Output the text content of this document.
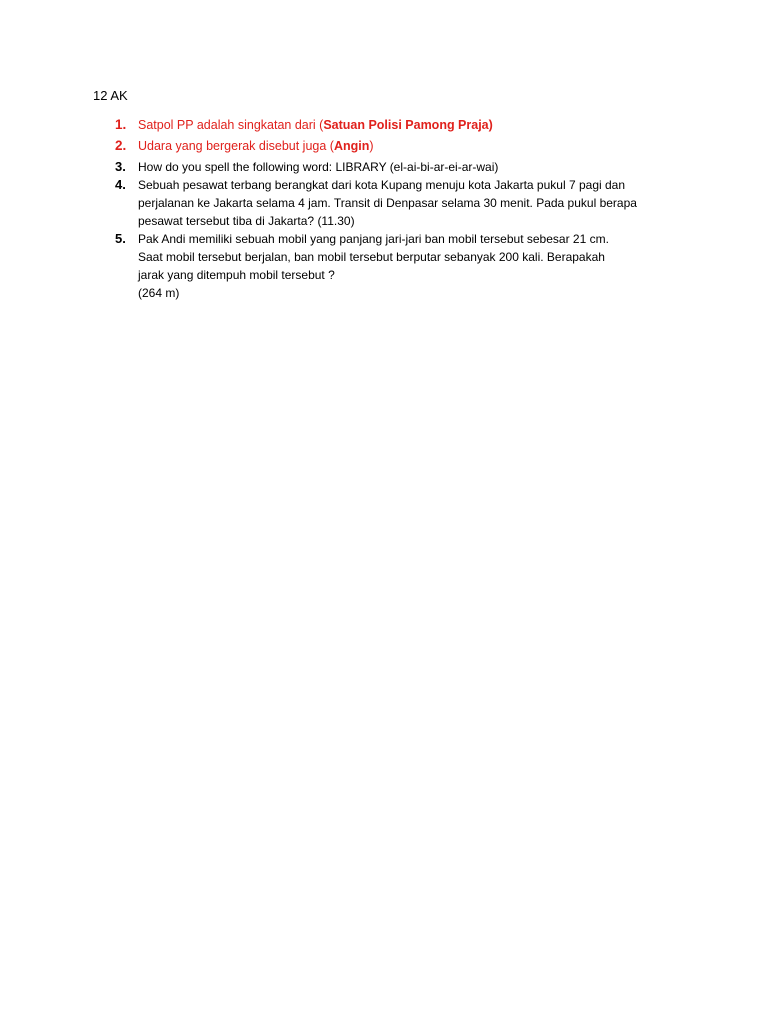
12 AK
1. Satpol PP adalah singkatan dari (Satuan Polisi Pamong Praja)
2. Udara yang bergerak disebut juga (Angin)
3. How do you spell the following word: LIBRARY (el-ai-bi-ar-ei-ar-wai)
4. Sebuah pesawat terbang berangkat dari kota Kupang menuju kota Jakarta pukul 7 pagi dan
perjalanan ke Jakarta selama 4 jam. Transit di Denpasar selama 30 menit. Pada pukul berapa
pesawat tersebut tiba di Jakarta? (11.30)
5. Pak Andi memiliki sebuah mobil yang panjang jari-jari ban mobil tersebut sebesar 21 cm.
Saat mobil tersebut berjalan, ban mobil tersebut berputar sebanyak 200 kali. Berapakah
jarak yang ditempuh mobil tersebut ?
(264 m)
